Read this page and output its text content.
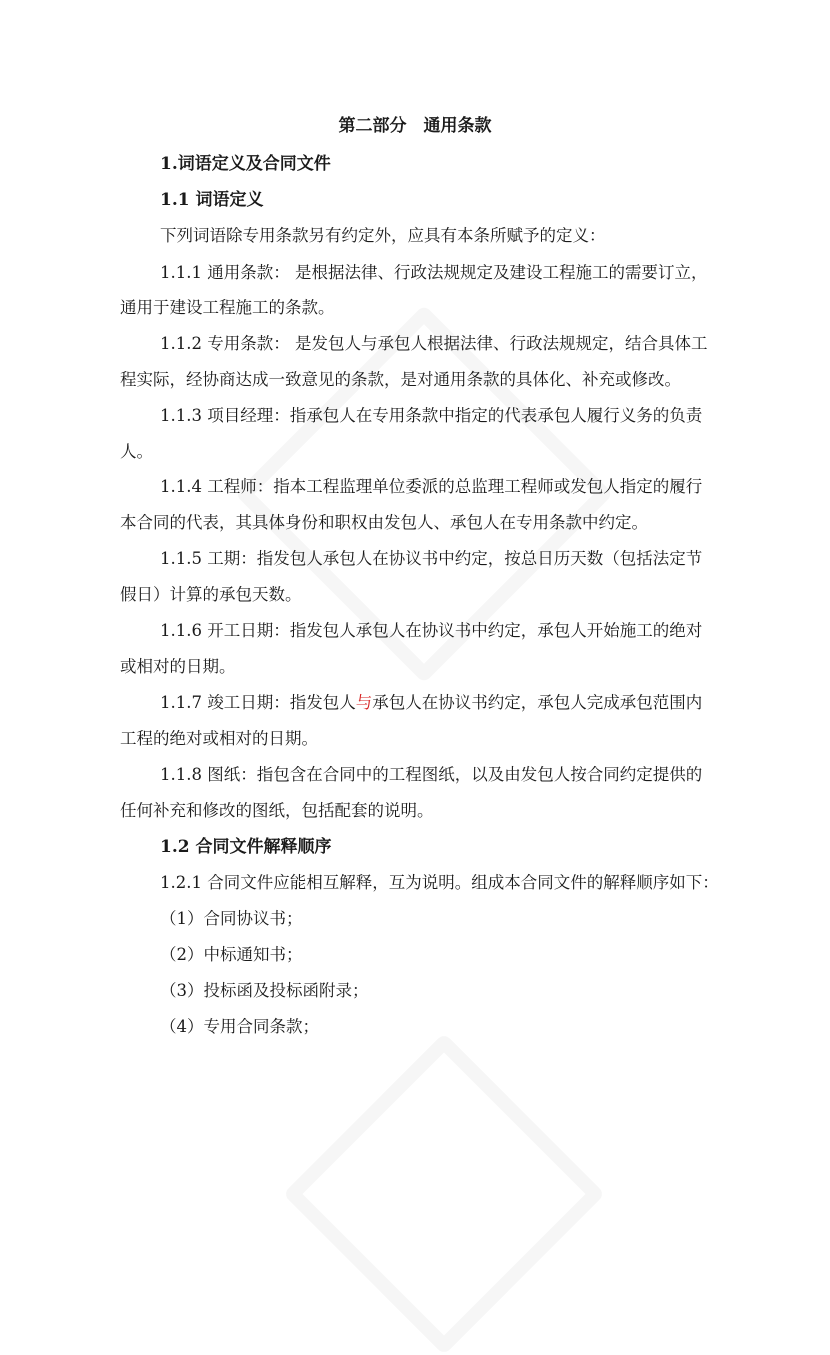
第二部分　通用条款
1.词语定义及合同文件
1.1 词语定义
下列词语除专用条款另有约定外，应具有本条所赋予的定义：
1.1.1 通用条款： 是根据法律、行政法规规定及建设工程施工的需要订立，
通用于建设工程施工的条款。
1.1.2 专用条款： 是发包人与承包人根据法律、行政法规规定，结合具体工
程实际，经协商达成一致意见的条款，是对通用条款的具体化、补充或修改。
1.1.3 项目经理：指承包人在专用条款中指定的代表承包人履行义务的负责
人。
1.1.4 工程师：指本工程监理单位委派的总监理工程师或发包人指定的履行
本合同的代表，其具体身份和职权由发包人、承包人在专用条款中约定。
1.1.5 工期：指发包人承包人在协议书中约定，按总日历天数（包括法定节
假日）计算的承包天数。
1.1.6 开工日期：指发包人承包人在协议书中约定，承包人开始施工的绝对
或相对的日期。
1.1.7 竣工日期：指发包人与承包人在协议书约定，承包人完成承包范围内
工程的绝对或相对的日期。
1.1.8 图纸：指包含在合同中的工程图纸，以及由发包人按合同约定提供的
任何补充和修改的图纸，包括配套的说明。
1.2 合同文件解释顺序
1.2.1 合同文件应能相互解释，互为说明。组成本合同文件的解释顺序如下：
（1）合同协议书；
（2）中标通知书；
（3）投标函及投标函附录；
（4）专用合同条款；
